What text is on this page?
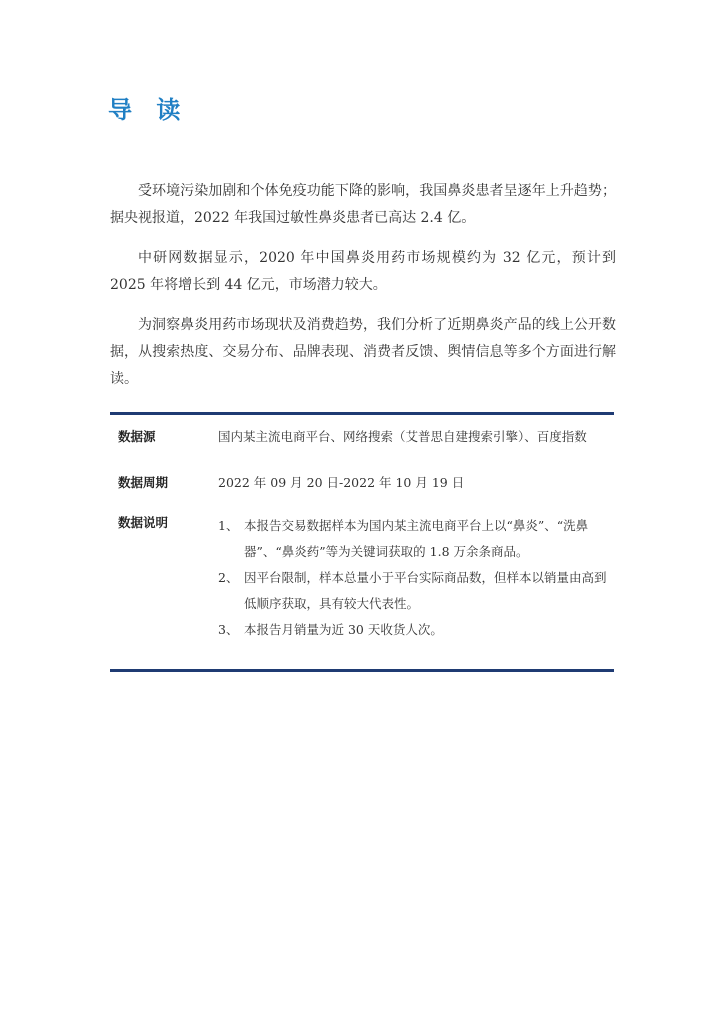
导 读

受环境污染加剧和个体免疫功能下降的影响，我国鼻炎患者呈逐年上升趋势；据央视报道，2022 年我国过敏性鼻炎患者已高达 2.4 亿。

中研网数据显示，2020 年中国鼻炎用药市场规模约为 32 亿元，预计到 2025 年将增长到 44 亿元，市场潜力较大。

为洞察鼻炎用药市场现状及消费趋势，我们分析了近期鼻炎产品的线上公开数据，从搜索热度、交易分布、品牌表现、消费者反馈、舆情信息等多个方面进行解读。

数据源	国内某主流电商平台、网络搜索（艾普思自建搜索引擎）、百度指数
数据周期	2022 年 09 月 20 日-2022 年 10 月 19 日
数据说明	1、 本报告交易数据样本为国内某主流电商平台上以“鼻炎”、“洗鼻器”、“鼻炎药”等为关键词获取的 1.8 万余条商品。
2、 因平台限制，样本总量小于平台实际商品数，但样本以销量由高到低顺序获取，具有较大代表性。
3、 本报告月销量为近 30 天收货人次。
